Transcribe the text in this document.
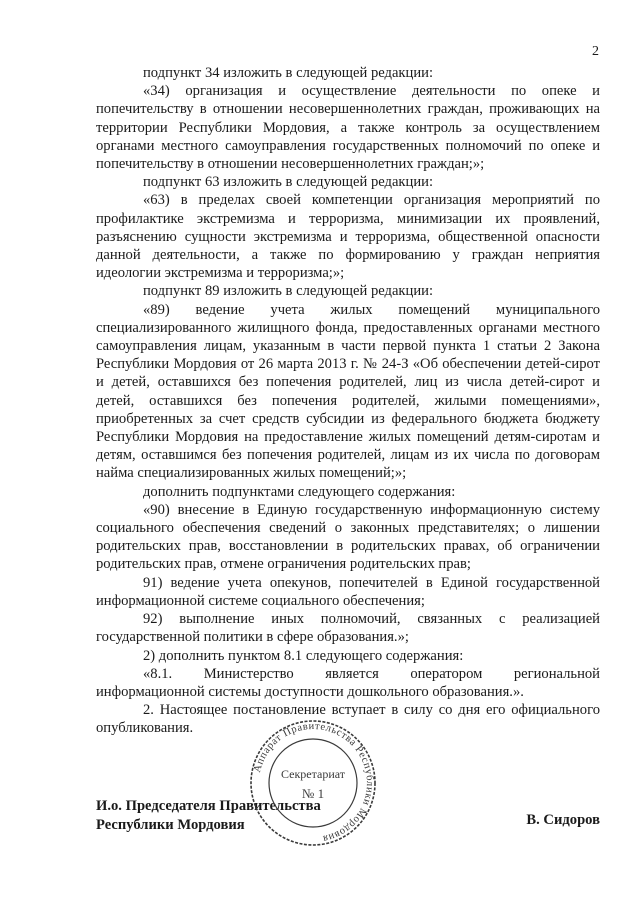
2

подпункт 34 изложить в следующей редакции:

«34) организация и осуществление деятельности по опеке и попечительству в отношении несовершеннолетних граждан, проживающих на территории Республики Мордовия, а также контроль за осуществлением органами местного самоуправления государственных полномочий по опеке и попечительству в отношении несовершеннолетних граждан;»;

подпункт 63 изложить в следующей редакции:

«63) в пределах своей компетенции организация мероприятий по профилактике экстремизма и терроризма, минимизации их проявлений, разъяснению сущности экстремизма и терроризма, общественной опасности данной деятельности, а также по формированию у граждан неприятия идеологии экстремизма и терроризма;»;

подпункт 89 изложить в следующей редакции:

«89) ведение учета жилых помещений муниципального специализированного жилищного фонда, предоставленных органами местного самоуправления лицам, указанным в части первой пункта 1 статьи 2 Закона Республики Мордовия от 26 марта 2013 г. № 24-З «Об обеспечении детей-сирот и детей, оставшихся без попечения родителей, лиц из числа детей-сирот и детей, оставшихся без попечения родителей, жилыми помещениями», приобретенных за счет средств субсидии из федерального бюджета бюджету Республики Мордовия на предоставление жилых помещений детям-сиротам и детям, оставшимся без попечения родителей, лицам из их числа по договорам найма специализированных жилых помещений;»;

дополнить подпунктами следующего содержания:

«90) внесение в Единую государственную информационную систему социального обеспечения сведений о законных представителях; о лишении родительских прав, восстановлении в родительских правах, об ограничении родительских прав, отмене ограничения родительских прав;

91) ведение учета опекунов, попечителей в Единой государственной информационной системе социального обеспечения;

92) выполнение иных полномочий, связанных с реализацией государственной политики в сфере образования.»;

2) дополнить пунктом 8.1 следующего содержания:

«8.1. Министерство является оператором региональной информационной системы доступности дошкольного образования.».

2. Настоящее постановление вступает в силу со дня его официального опубликования.

И.о. Председателя Правительства
Республики Мордовия	В. Сидоров
Аппарат Правительства Республики Мордовия
Секретариат
№ 1
